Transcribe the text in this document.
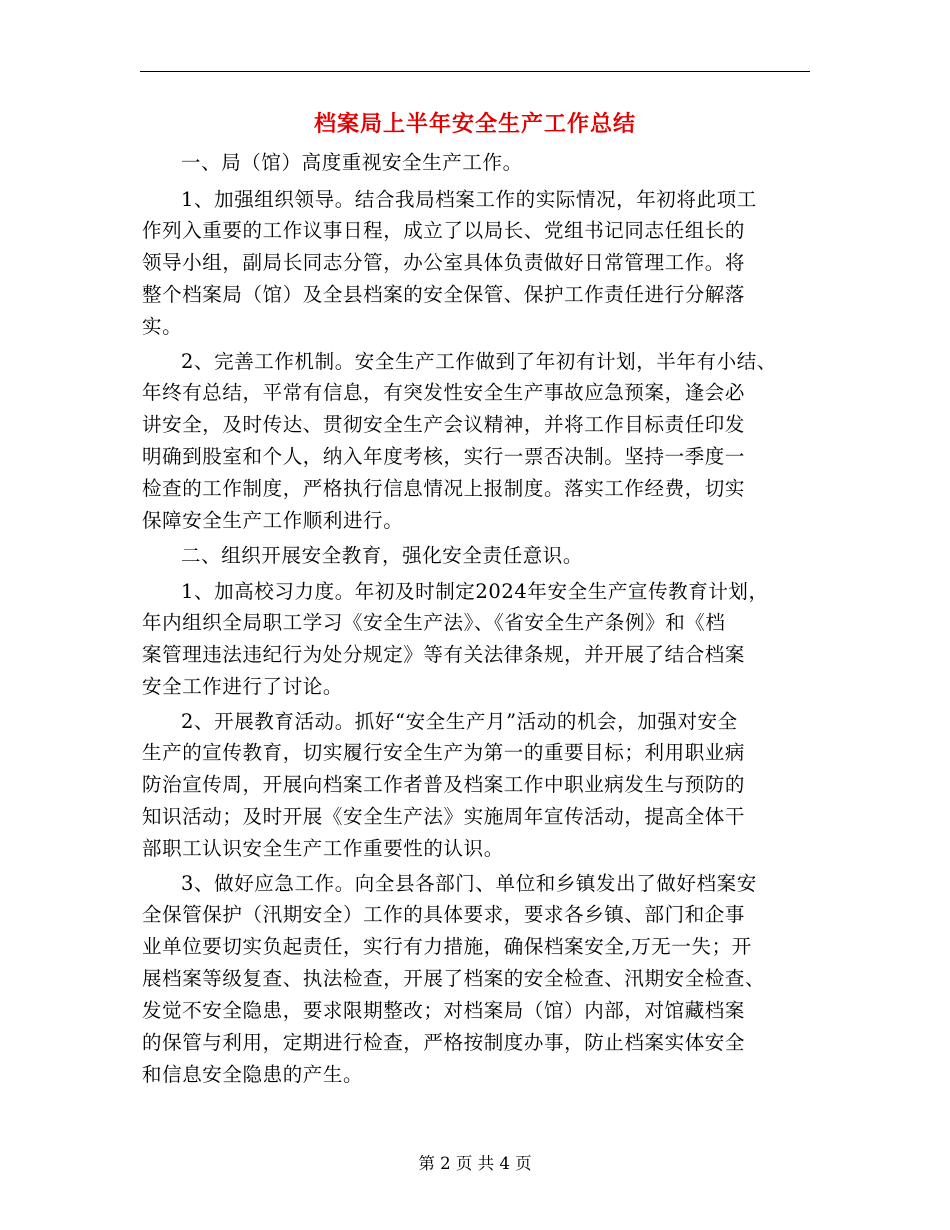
档案局上半年安全生产工作总结
一、局（馆）高度重视安全生产工作。
1、加强组织领导。结合我局档案工作的实际情况，年初将此项工
作列入重要的工作议事日程，成立了以局长、党组书记同志任组长的
领导小组，副局长同志分管，办公室具体负责做好日常管理工作。将
整个档案局（馆）及全县档案的安全保管、保护工作责任进行分解落
实。
2、完善工作机制。安全生产工作做到了年初有计划，半年有小结、
年终有总结，平常有信息，有突发性安全生产事故应急预案，逢会必
讲安全，及时传达、贯彻安全生产会议精神，并将工作目标责任印发
明确到股室和个人，纳入年度考核，实行一票否决制。坚持一季度一
检查的工作制度，严格执行信息情况上报制度。落实工作经费，切实
保障安全生产工作顺利进行。
二、组织开展安全教育，强化安全责任意识。
1、加高校习力度。年初及时制定2024年安全生产宣传教育计划，
年内组织全局职工学习《安全生产法》、《省安全生产条例》和《档
案管理违法违纪行为处分规定》等有关法律条规，并开展了结合档案
安全工作进行了讨论。
2、开展教育活动。抓好“安全生产月”活动的机会，加强对安全
生产的宣传教育，切实履行安全生产为第一的重要目标；利用职业病
防治宣传周，开展向档案工作者普及档案工作中职业病发生与预防的
知识活动；及时开展《安全生产法》实施周年宣传活动，提高全体干
部职工认识安全生产工作重要性的认识。
3、做好应急工作。向全县各部门、单位和乡镇发出了做好档案安
全保管保护（汛期安全）工作的具体要求，要求各乡镇、部门和企事
业单位要切实负起责任，实行有力措施，确保档案安全,万无一失；开
展档案等级复查、执法检查，开展了档案的安全检查、汛期安全检查、
发觉不安全隐患，要求限期整改；对档案局（馆）内部，对馆藏档案
的保管与利用，定期进行检查，严格按制度办事，防止档案实体安全
和信息安全隐患的产生。
第 2 页 共 4 页
